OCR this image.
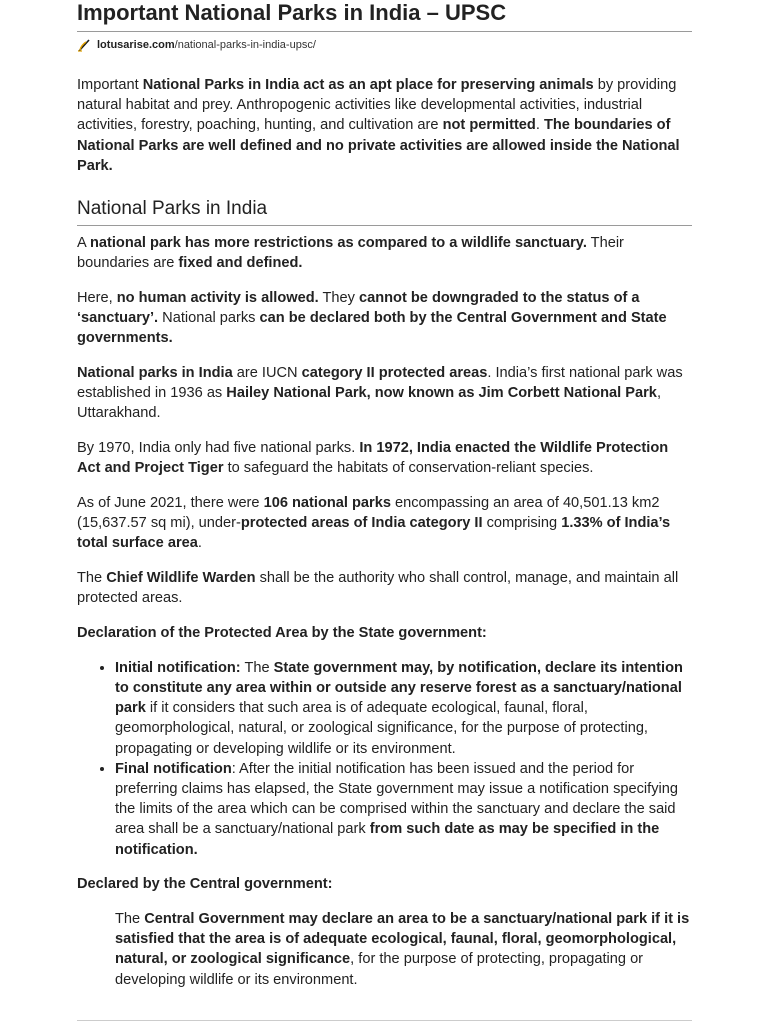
Important National Parks in India – UPSC
lotusarise.com /national-parks-in-india-upsc/

Important National Parks in India act as an apt place for preserving animals by providing natural habitat and prey. Anthropogenic activities like developmental activities, industrial activities, forestry, poaching, hunting, and cultivation are not permitted. The boundaries of National Parks are well defined and no private activities are allowed inside the National Park.

National Parks in India

A national park has more restrictions as compared to a wildlife sanctuary. Their boundaries are fixed and defined.

Here, no human activity is allowed. They cannot be downgraded to the status of a ‘sanctuary’. National parks can be declared both by the Central Government and State governments.

National parks in India are IUCN category II protected areas. India’s first national park was established in 1936 as Hailey National Park, now known as Jim Corbett National Park, Uttarakhand.

By 1970, India only had five national parks. In 1972, India enacted the Wildlife Protection Act and Project Tiger to safeguard the habitats of conservation-reliant species.

As of June 2021, there were 106 national parks encompassing an area of 40,501.13 km2 (15,637.57 sq mi), under-protected areas of India category II comprising 1.33% of India’s total surface area.

The Chief Wildlife Warden shall be the authority who shall control, manage, and maintain all protected areas.

Declaration of the Protected Area by the State government:

• Initial notification: The State government may, by notification, declare its intention to constitute any area within or outside any reserve forest as a sanctuary/national park if it considers that such area is of adequate ecological, faunal, floral, geomorphological, natural, or zoological significance, for the purpose of protecting, propagating or developing wildlife or its environment.
• Final notification: After the initial notification has been issued and the period for preferring claims has elapsed, the State government may issue a notification specifying the limits of the area which can be comprised within the sanctuary and declare the said area shall be a sanctuary/national park from such date as may be specified in the notification.

Declared by the Central government:

The Central Government may declare an area to be a sanctuary/national park if it is satisfied that the area is of adequate ecological, faunal, floral, geomorphological, natural, or zoological significance, for the purpose of protecting, propagating or developing wildlife or its environment.
